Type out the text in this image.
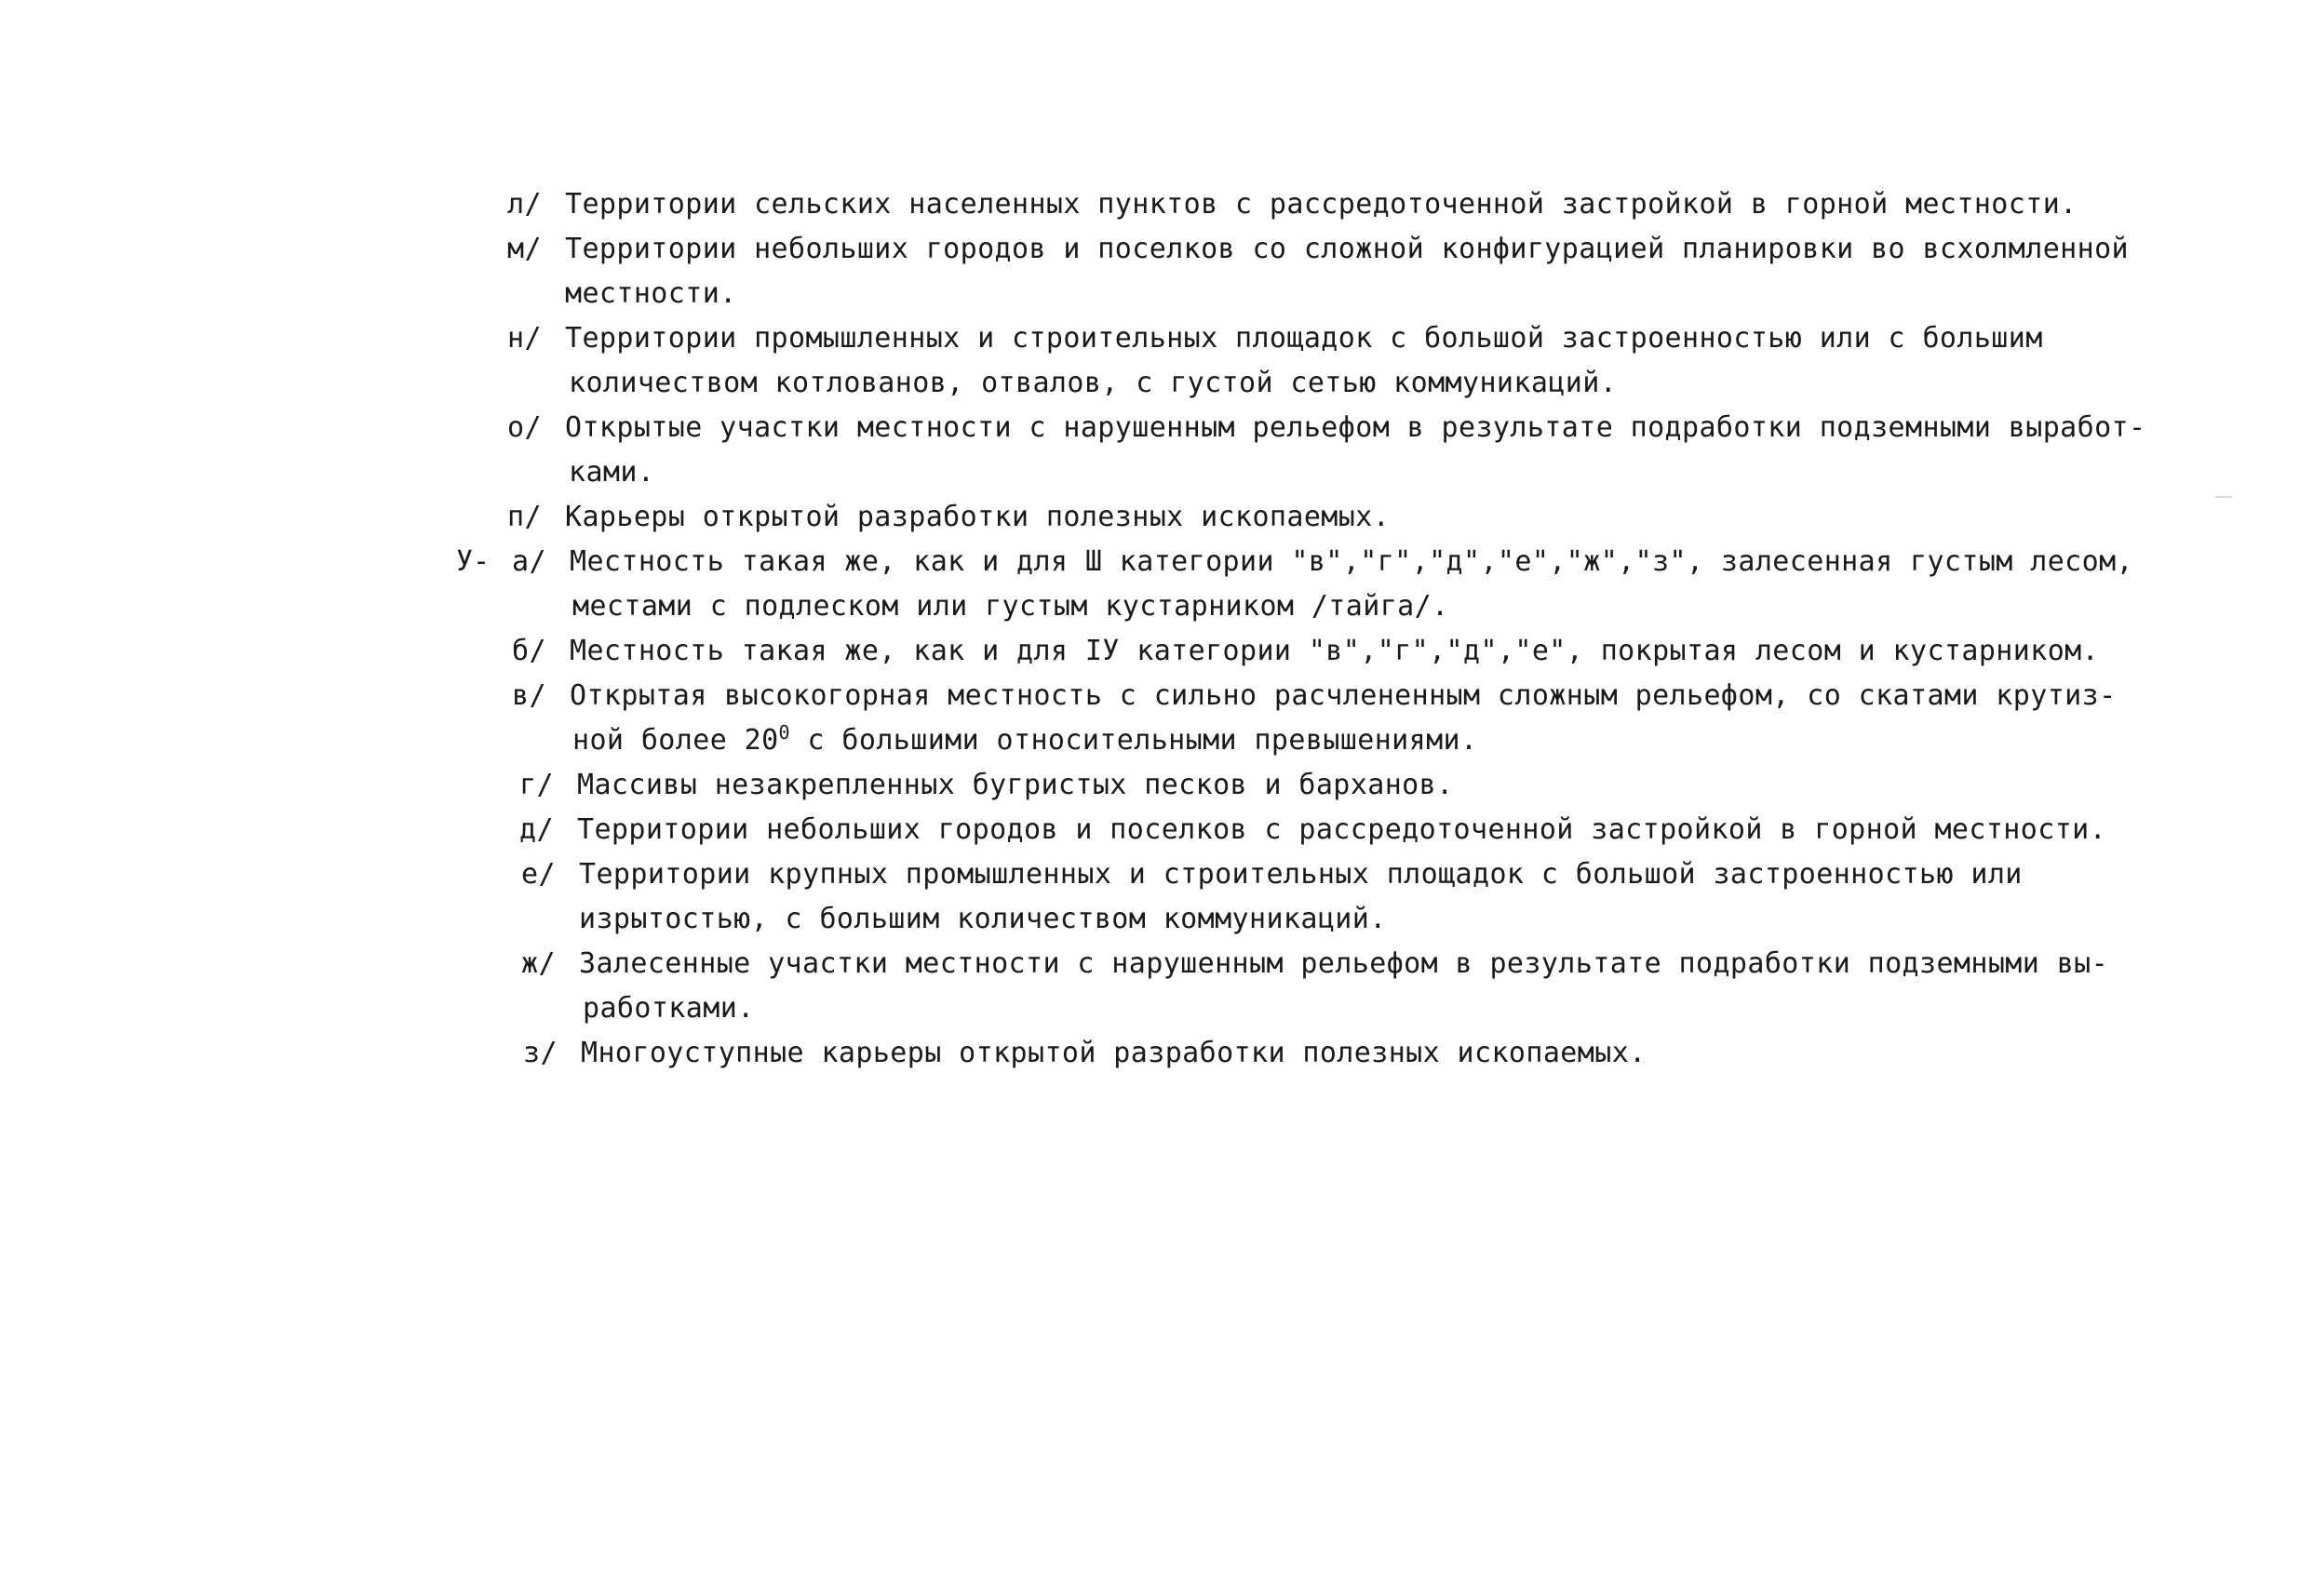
л/ Территории сельских населенных пунктов с рассредоточенной застройкой в горной местности.
м/ Территории небольших городов и поселков со сложной конфигурацией планировки во всхолмленной
местности.
н/ Территории промышленных и строительных площадок с большой застроенностью или с большим
количеством котлованов, отвалов, с густой сетью коммуникаций.
о/ Открытые участки местности с нарушенным рельефом в результате подработки подземными выработ-
ками.
п/ Карьеры открытой разработки полезных ископаемых.
У- а/ Местность такая же, как и для Ш категории "в","г","д","е","ж","з", залесенная густым лесом,
местами с подлеском или густым кустарником /тайга/.
б/ Местность такая же, как и для IУ категории "в","г","д","е", покрытая лесом и кустарником.
в/ Открытая высокогорная местность с сильно расчлененным сложным рельефом, со скатами крутиз-
ной более $20^0$ с большими относительными превышениями.
г/ Массивы незакрепленных бугристых песков и барханов.
д/ Территории небольших городов и поселков с рассредоточенной застройкой в горной местности.
е/ Территории крупных промышленных и строительных площадок с большой застроенностью или
изрытостью, с большим количеством коммуникаций.
ж/ Залесенные участки местности с нарушенным рельефом в результате подработки подземными вы-
работками.
з/ Многоуступные карьеры открытой разработки полезных ископаемых.
